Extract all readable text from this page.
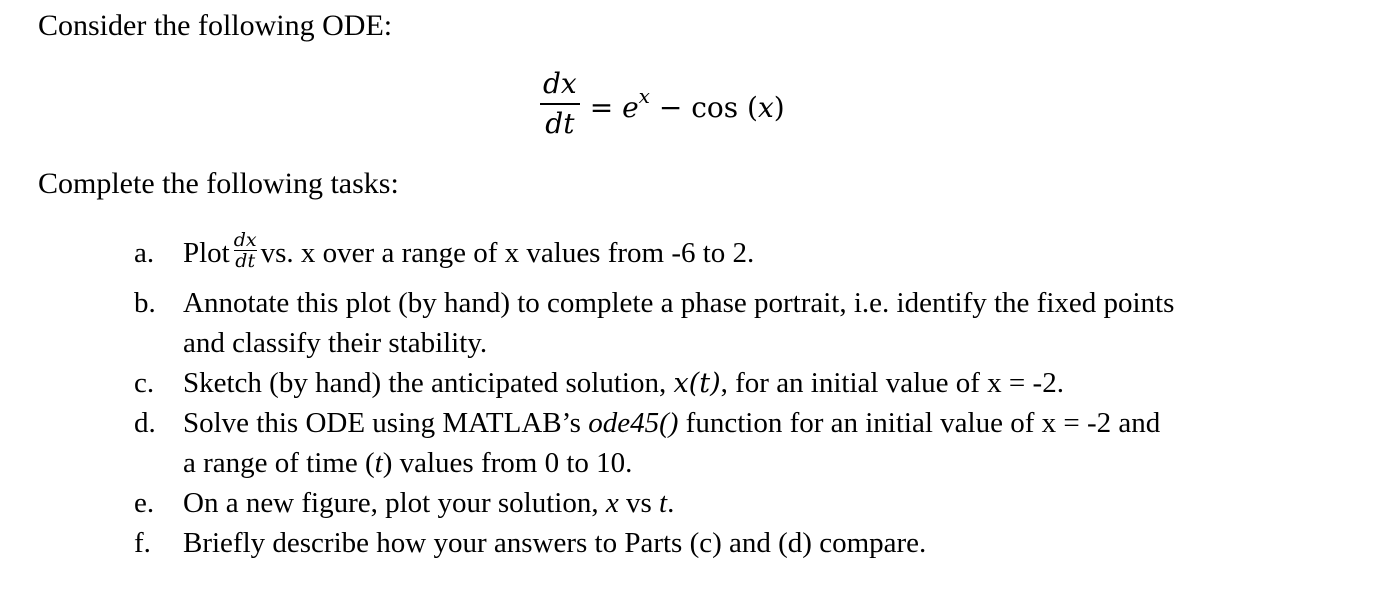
Consider the following ODE:
$\frac{dx}{dt} = e^x - \cos (x)$
Complete the following tasks:
a. Plot $\frac{dx}{dt}$ vs. x over a range of x values from -6 to 2.
b. Annotate this plot (by hand) to complete a phase portrait, i.e. identify the fixed points
and classify their stability.
c. Sketch (by hand) the anticipated solution, x(t), for an initial value of x = -2.
d. Solve this ODE using MATLAB’s ode45() function for an initial value of x = -2 and
a range of time (t) values from 0 to 10.
e. On a new figure, plot your solution, x vs t.
f. Briefly describe how your answers to Parts (c) and (d) compare.
